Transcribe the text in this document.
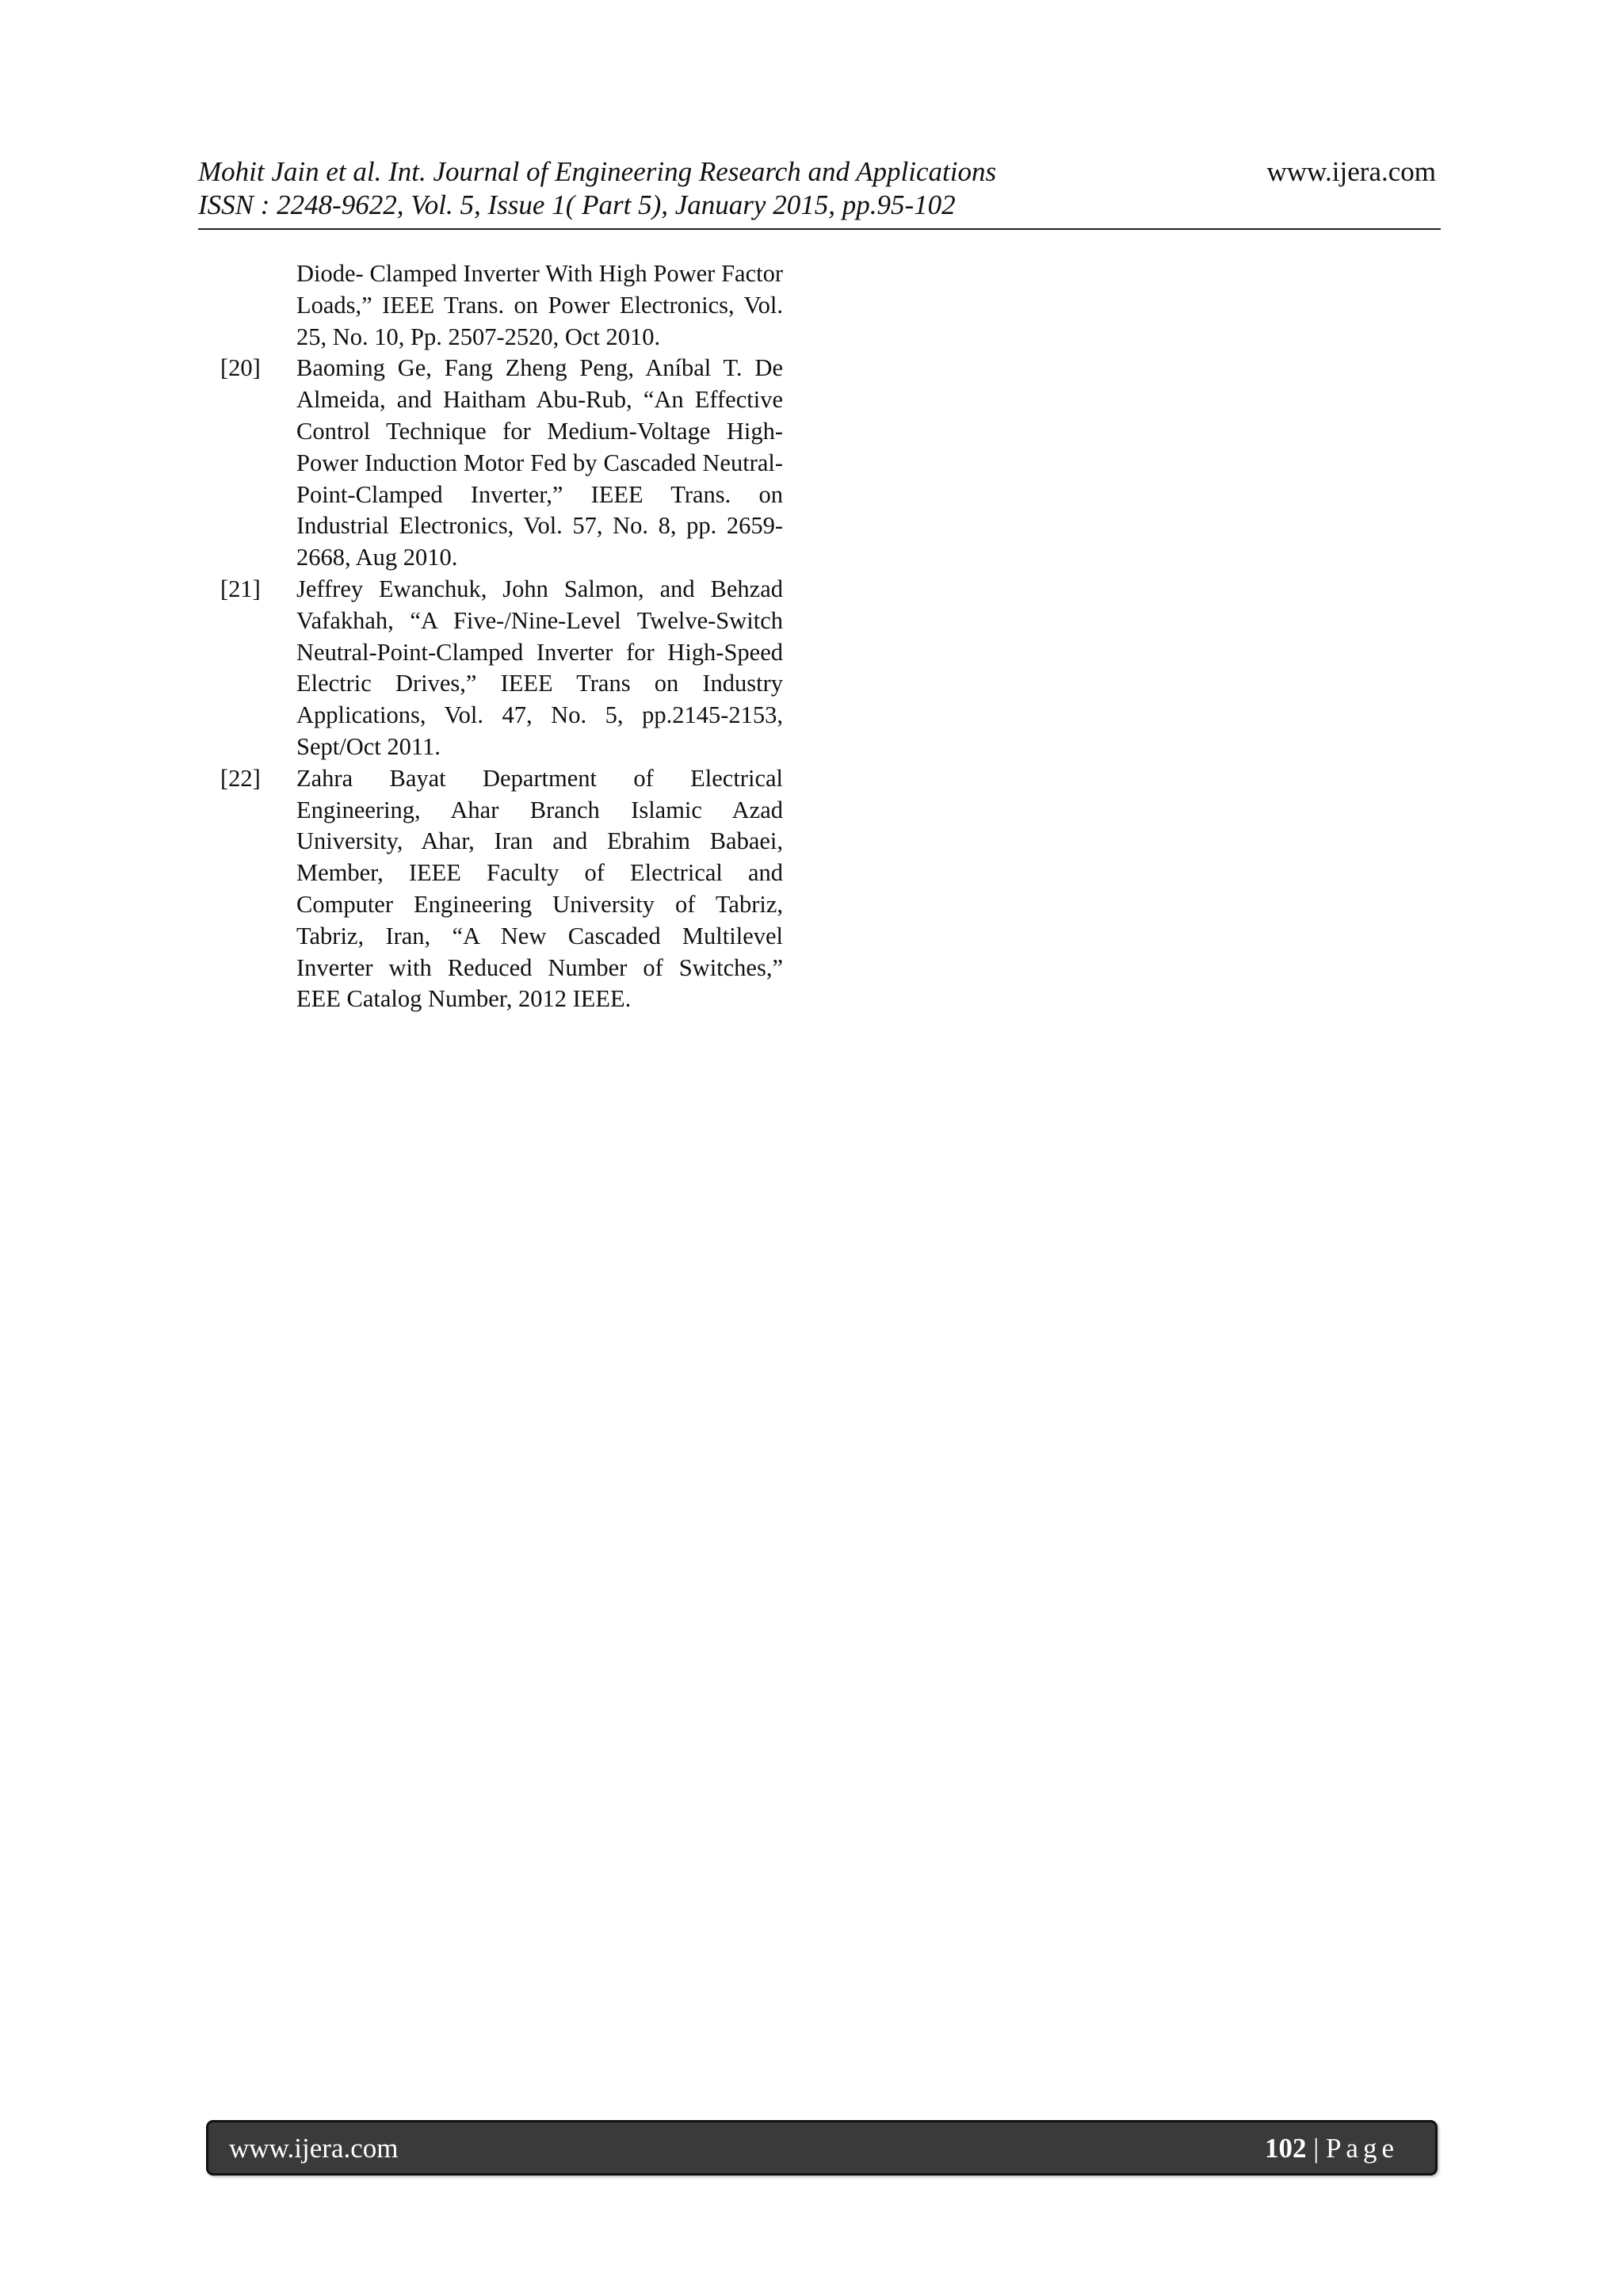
Mohit Jain et al. Int. Journal of Engineering Research and Applications
ISSN : 2248-9622, Vol. 5, Issue 1( Part 5), January 2015, pp.95-102
www.ijera.com
Diode- Clamped Inverter With High Power Factor Loads,” IEEE Trans. on Power Electronics, Vol. 25, No. 10, Pp. 2507-2520, Oct 2010.
[20] Baoming Ge, Fang Zheng Peng, Aníbal T. De Almeida, and Haitham Abu-Rub, “An Effective Control Technique for Medium-Voltage High-Power Induction Motor Fed by Cascaded Neutral-Point-Clamped Inverter,” IEEE Trans. on Industrial Electronics, Vol. 57, No. 8, pp. 2659-2668, Aug 2010.
[21] Jeffrey Ewanchuk, John Salmon, and Behzad Vafakhah, “A Five-/Nine-Level Twelve-Switch Neutral-Point-Clamped Inverter for High-Speed Electric Drives,” IEEE Trans on Industry Applications, Vol. 47, No. 5, pp.2145-2153, Sept/Oct 2011.
[22] Zahra Bayat Department of Electrical Engineering, Ahar Branch Islamic Azad University, Ahar, Iran and Ebrahim Babaei, Member, IEEE Faculty of Electrical and Computer Engineering University of Tabriz, Tabriz, Iran, “A New Cascaded Multilevel Inverter with Reduced Number of Switches,” EEE Catalog Number, 2012 IEEE.
www.ijera.com	102 | Page
